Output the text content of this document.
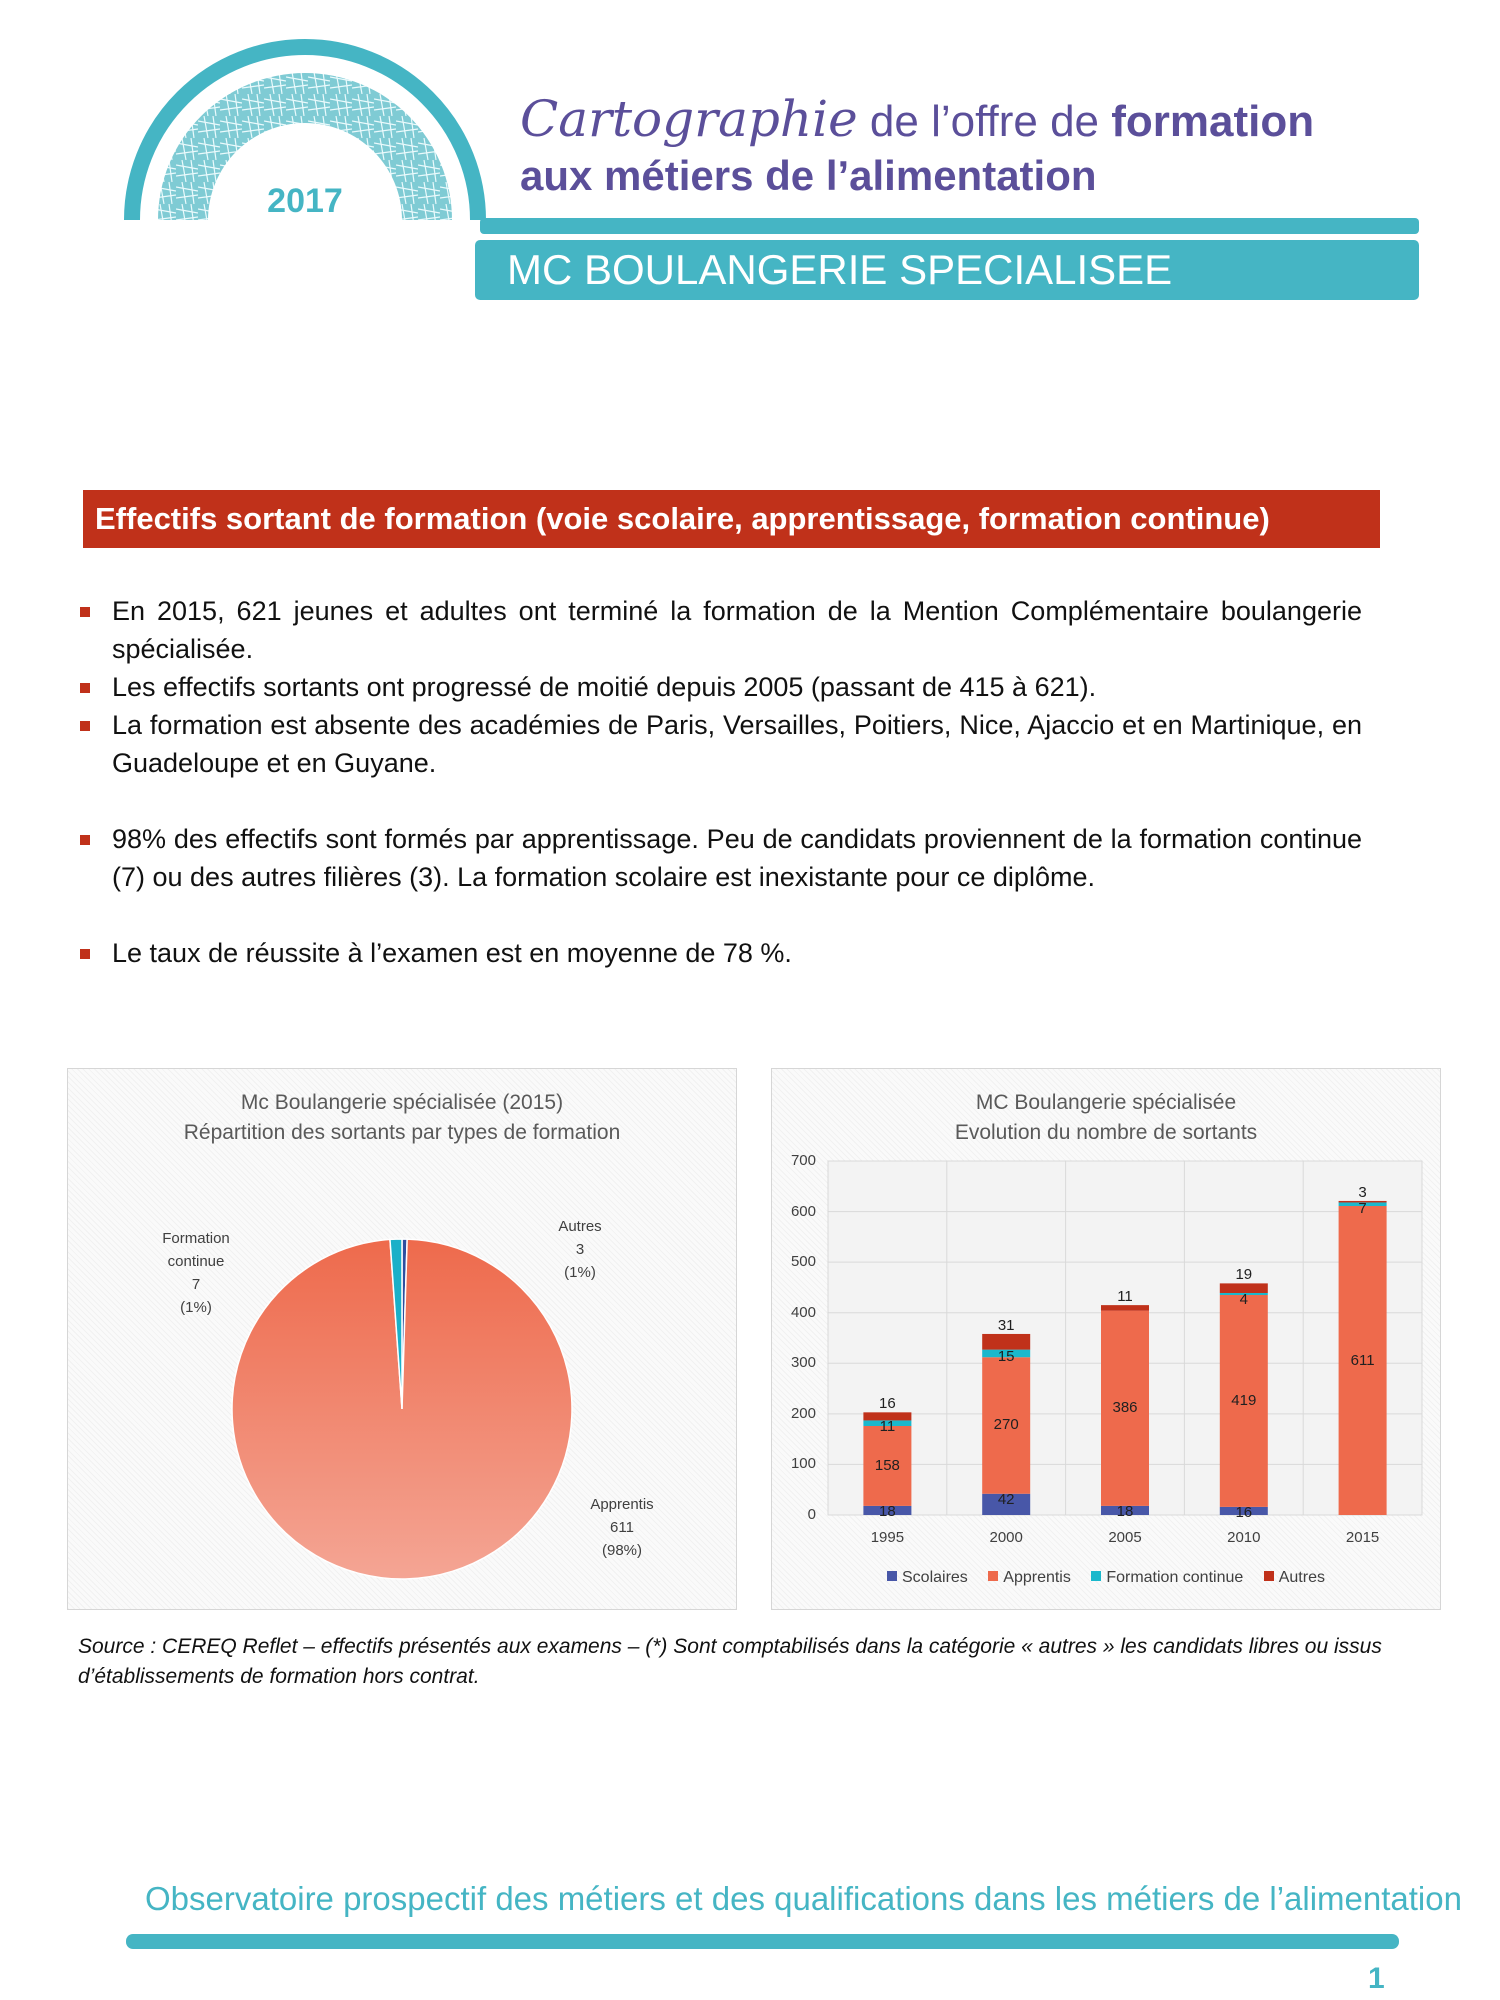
2017
Cartographie de l’offre de formation
aux métiers de l’alimentation
MC BOULANGERIE SPECIALISEE
Effectifs sortant de formation (voie scolaire, apprentissage, formation continue)
En 2015, 621 jeunes et adultes ont terminé la formation de la Mention Complémentaire boulangerie spécialisée.
Les effectifs sortants ont progressé de moitié depuis 2005 (passant de 415 à 621).
La formation est absente des académies de Paris, Versailles, Poitiers, Nice, Ajaccio et en Martinique, en Guadeloupe et en Guyane.
98% des effectifs sont formés par apprentissage. Peu de candidats proviennent de la formation continue (7) ou des autres filières (3). La formation scolaire est inexistante pour ce diplôme.
Le taux de réussite à l’examen est en moyenne de 78 %.
Mc Boulangerie spécialisée (2015)
Répartition des sortants par types de formation
Formation
continue
7
(1%)
Autres
3
(1%)
Apprentis
611
(98%)
MC Boulangerie spécialisée
Evolution du nombre de sortants
0
100
200
300
400
500
600
700
1995
18
158
11
16
2000
42
270
15
31
2005
18
386
11
2010
16
419
4
19
2015
611
7
3
Scolaires Apprentis Formation continue Autres
Source : CEREQ Reflet – effectifs présentés aux examens – (*) Sont comptabilisés dans la catégorie « autres » les candidats libres ou issus d’établissements de formation hors contrat.
Observatoire prospectif des métiers et des qualifications dans les métiers de l’alimentation
1
